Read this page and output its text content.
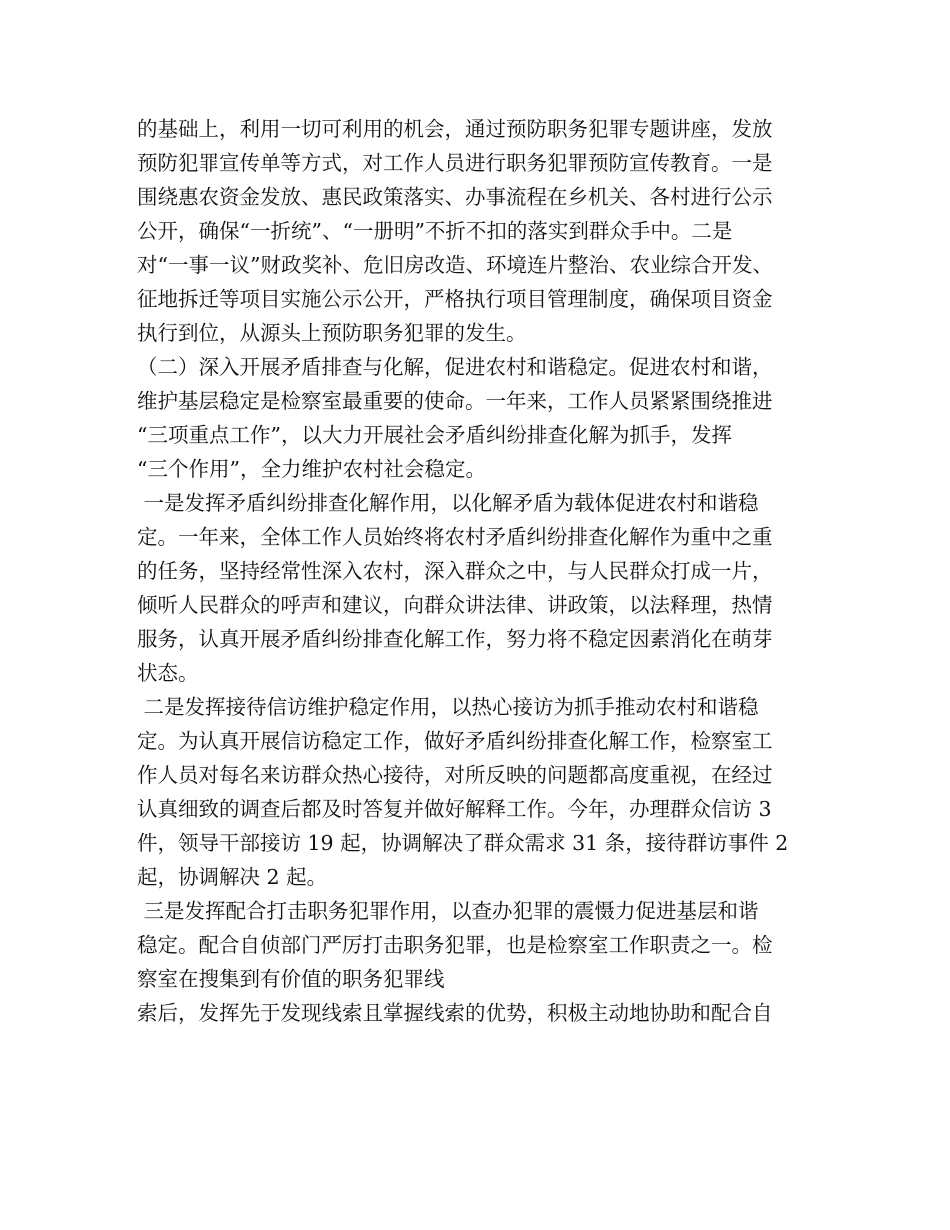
的基础上，利用一切可利用的机会，通过预防职务犯罪专题讲座，发放
预防犯罪宣传单等方式，对工作人员进行职务犯罪预防宣传教育。一是
围绕惠农资金发放、惠民政策落实、办事流程在乡机关、各村进行公示
公开，确保“一折统”、“一册明”不折不扣的落实到群众手中。二是
对“一事一议”财政奖补、危旧房改造、环境连片整治、农业综合开发、
征地拆迁等项目实施公示公开，严格执行项目管理制度，确保项目资金
执行到位，从源头上预防职务犯罪的发生。
（二）深入开展矛盾排查与化解，促进农村和谐稳定。促进农村和谐，
维护基层稳定是检察室最重要的使命。一年来，工作人员紧紧围绕推进
“三项重点工作”，以大力开展社会矛盾纠纷排查化解为抓手，发挥
“三个作用”，全力维护农村社会稳定。
一是发挥矛盾纠纷排查化解作用，以化解矛盾为载体促进农村和谐稳
定。一年来，全体工作人员始终将农村矛盾纠纷排查化解作为重中之重
的任务，坚持经常性深入农村，深入群众之中，与人民群众打成一片，
倾听人民群众的呼声和建议，向群众讲法律、讲政策，以法释理，热情
服务，认真开展矛盾纠纷排查化解工作，努力将不稳定因素消化在萌芽
状态。
二是发挥接待信访维护稳定作用，以热心接访为抓手推动农村和谐稳
定。为认真开展信访稳定工作，做好矛盾纠纷排查化解工作，检察室工
作人员对每名来访群众热心接待，对所反映的问题都高度重视，在经过
认真细致的调查后都及时答复并做好解释工作。今年，办理群众信访 3
件，领导干部接访 19 起，协调解决了群众需求 31 条，接待群访事件 2
起，协调解决 2 起。
三是发挥配合打击职务犯罪作用，以查办犯罪的震慑力促进基层和谐
稳定。配合自侦部门严厉打击职务犯罪，也是检察室工作职责之一。检
察室在搜集到有价值的职务犯罪线
索后，发挥先于发现线索且掌握线索的优势，积极主动地协助和配合自
